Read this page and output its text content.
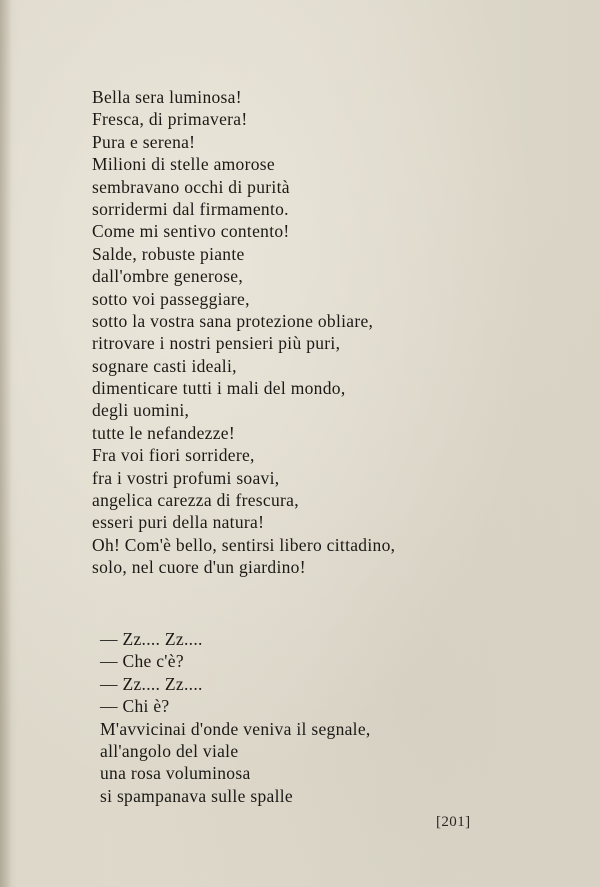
Bella sera luminosa!
Fresca, di primavera!
Pura e serena!
Milioni di stelle amorose
sembravano occhi di purità
sorridermi dal firmamento.
Come mi sentivo contento!
Salde, robuste piante
dall'ombre generose,
sotto voi passeggiare,
sotto la vostra sana protezione obliare,
ritrovare i nostri pensieri più puri,
sognare casti ideali,
dimenticare tutti i mali del mondo,
degli uomini,
tutte le nefandezze!
Fra voi fiori sorridere,
fra i vostri profumi soavi,
angelica carezza di frescura,
esseri puri della natura!
Oh! Com'è bello, sentirsi libero cittadino,
solo, nel cuore d'un giardino!
— Zz.... Zz....
— Che c'è?
— Zz.... Zz....
— Chi è?
M'avvicinai d'onde veniva il segnale,
all'angolo del viale
una rosa voluminosa
si spampanava sulle spalle
[201]
